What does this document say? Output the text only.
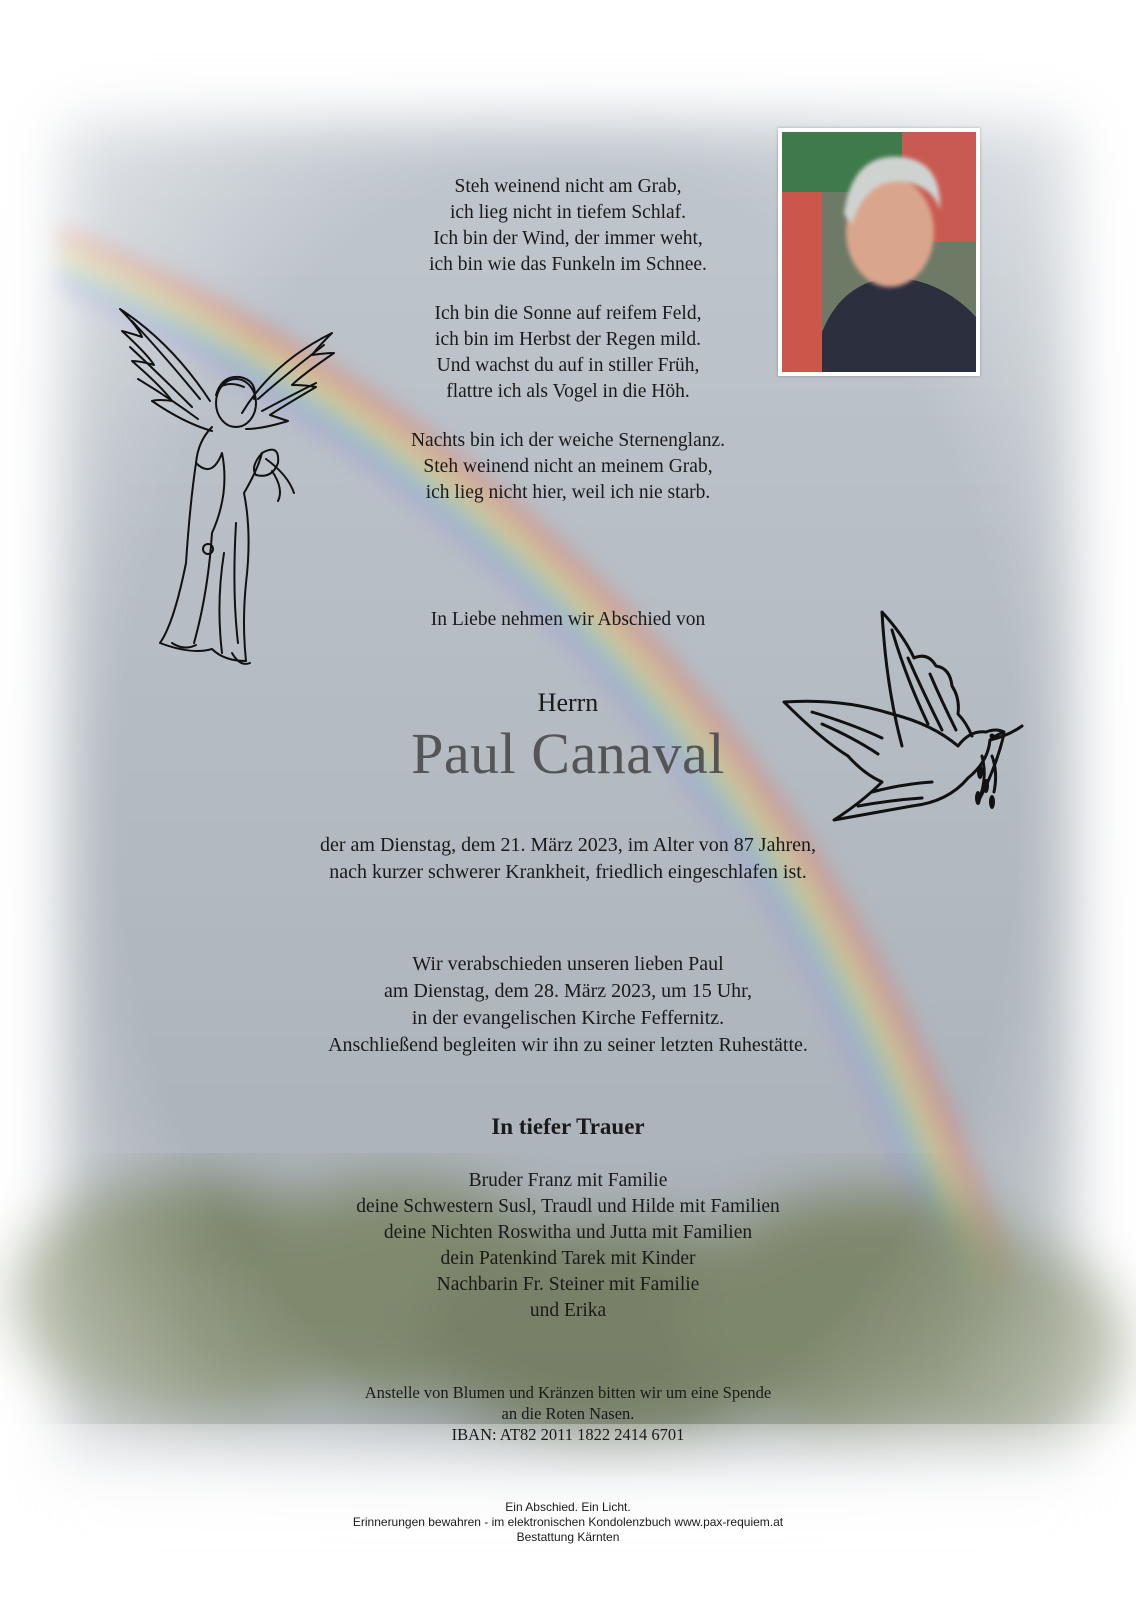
Steh weinend nicht am Grab,

ich lieg nicht in tiefem Schlaf.

Ich bin der Wind, der immer weht,

ich bin wie das Funkeln im Schnee.

Ich bin die Sonne auf reifem Feld,

ich bin im Herbst der Regen mild.

Und wachst du auf in stiller Früh,

flattre ich als Vogel in die Höh.

Nachts bin ich der weiche Sternenglanz.

Steh weinend nicht an meinem Grab,

ich lieg nicht hier, weil ich nie starb.

In Liebe nehmen wir Abschied von
Herrn
Paul Canaval
der am Dienstag, dem 21. März 2023, im Alter von 87 Jahren,
nach kurzer schwerer Krankheit, friedlich eingeschlafen ist.
Wir verabschieden unseren lieben Paul
am Dienstag, dem 28. März 2023, um 15 Uhr,
in der evangelischen Kirche Feffernitz.
Anschließend begleiten wir ihn zu seiner letzten Ruhestätte.
In tiefer Trauer
Bruder Franz mit Familie
deine Schwestern Susl, Traudl und Hilde mit Familien
deine Nichten Roswitha und Jutta mit Familien
dein Patenkind Tarek mit Kinder
Nachbarin Fr. Steiner mit Familie
und Erika
Anstelle von Blumen und Kränzen bitten wir um eine Spende
an die Roten Nasen.
IBAN: AT82 2011 1822 2414 6701
Ein Abschied. Ein Licht.
Erinnerungen bewahren - im elektronischen Kondolenzbuch www.pax-requiem.at
Bestattung Kärnten
